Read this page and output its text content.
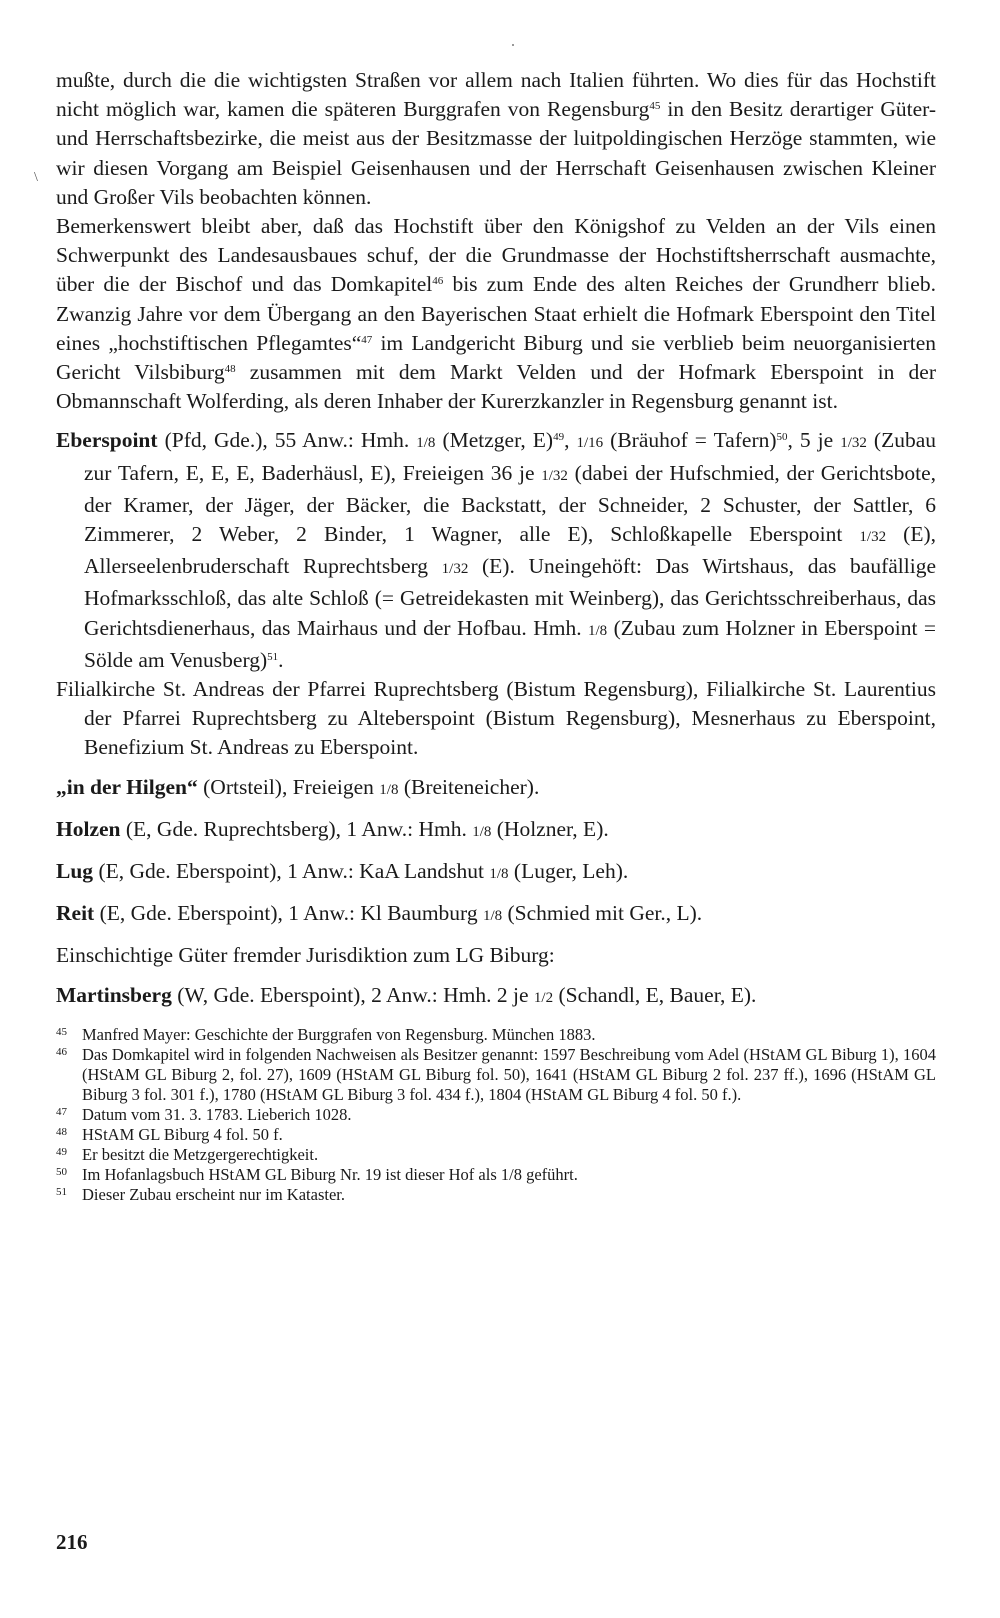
\

mußte, durch die die wichtigsten Straßen vor allem nach Italien führten. Wo dies für das Hochstift nicht möglich war, kamen die späteren Burggrafen von Regensburg$^{45}$ in den Besitz derartiger Güter- und Herrschaftsbezirke, die meist aus der Besitzmasse der luitpoldingischen Herzöge stammten, wie wir diesen Vorgang am Beispiel Geisenhausen und der Herrschaft Geisenhausen zwischen Kleiner und Großer Vils beobachten können.

Bemerkenswert bleibt aber, daß das Hochstift über den Königshof zu Velden an der Vils einen Schwerpunkt des Landesausbaues schuf, der die Grundmasse der Hochstiftsherrschaft ausmachte, über die der Bischof und das Domkapitel$^{46}$ bis zum Ende des alten Reiches der Grundherr blieb. Zwanzig Jahre vor dem Übergang an den Bayerischen Staat erhielt die Hofmark Eberspoint den Titel eines „hochstiftischen Pflegamtes“$^{47}$ im Landgericht Biburg und sie verblieb beim neuorganisierten Gericht Vilsbiburg$^{48}$ zusammen mit dem Markt Velden und der Hofmark Eberspoint in der Obmannschaft Wolferding, als deren Inhaber der Kurerzkanzler in Regensburg genannt ist.

Eberspoint (Pfd, Gde.), 55 Anw.: Hmh. 1/8 (Metzger, E)$^{49}$, 1/16 (Bräuhof = Tafern)$^{50}$, 5 je 1/32 (Zubau zur Tafern, E, E, E, Baderhäusl, E), Freieigen 36 je 1/32 (dabei der Hufschmied, der Gerichtsbote, der Kramer, der Jäger, der Bäcker, die Backstatt, der Schneider, 2 Schuster, der Sattler, 6 Zimmerer, 2 Weber, 2 Binder, 1 Wagner, alle E), Schloßkapelle Eberspoint 1/32 (E), Allerseelenbruderschaft Ruprechtsberg 1/32 (E). Uneingehöft: Das Wirtshaus, das baufällige Hofmarksschloß, das alte Schloß (= Getreidekasten mit Weinberg), das Gerichtsschreiberhaus, das Gerichtsdienerhaus, das Mairhaus und der Hofbau. Hmh. 1/8 (Zubau zum Holzner in Eberspoint = Sölde am Venusberg)$^{51}$.
Filialkirche St. Andreas der Pfarrei Ruprechtsberg (Bistum Regensburg), Filialkirche St. Laurentius der Pfarrei Ruprechtsberg zu Alteberspoint (Bistum Regensburg), Mesnerhaus zu Eberspoint, Benefizium St. Andreas zu Eberspoint.
„in der Hilgen“ (Ortsteil), Freieigen 1/8 (Breiteneicher).
Holzen (E, Gde. Ruprechtsberg), 1 Anw.: Hmh. 1/8 (Holzner, E).
Lug (E, Gde. Eberspoint), 1 Anw.: KaA Landshut 1/8 (Luger, Leh).
Reit (E, Gde. Eberspoint), 1 Anw.: Kl Baumburg 1/8 (Schmied mit Ger., L).
Einschichtige Güter fremder Jurisdiktion zum LG Biburg:
Martinsberg (W, Gde. Eberspoint), 2 Anw.: Hmh. 2 je 1/2 (Schandl, E, Bauer, E).
45 Manfred Mayer: Geschichte der Burggrafen von Regensburg. München 1883.
46 Das Domkapitel wird in folgenden Nachweisen als Besitzer genannt: 1597 Beschreibung vom Adel (HStAM GL Biburg 1), 1604 (HStAM GL Biburg 2, fol. 27), 1609 (HStAM GL Biburg fol. 50), 1641 (HStAM GL Biburg 2 fol. 237 ff.), 1696 (HStAM GL Biburg 3 fol. 301 f.), 1780 (HStAM GL Biburg 3 fol. 434 f.), 1804 (HStAM GL Biburg 4 fol. 50 f.).
47 Datum vom 31. 3. 1783. Lieberich 1028.
48 HStAM GL Biburg 4 fol. 50 f.
49 Er besitzt die Metzgergerechtigkeit.
50 Im Hofanlagsbuch HStAM GL Biburg Nr. 19 ist dieser Hof als 1/8 geführt.
51 Dieser Zubau erscheint nur im Kataster.
216
